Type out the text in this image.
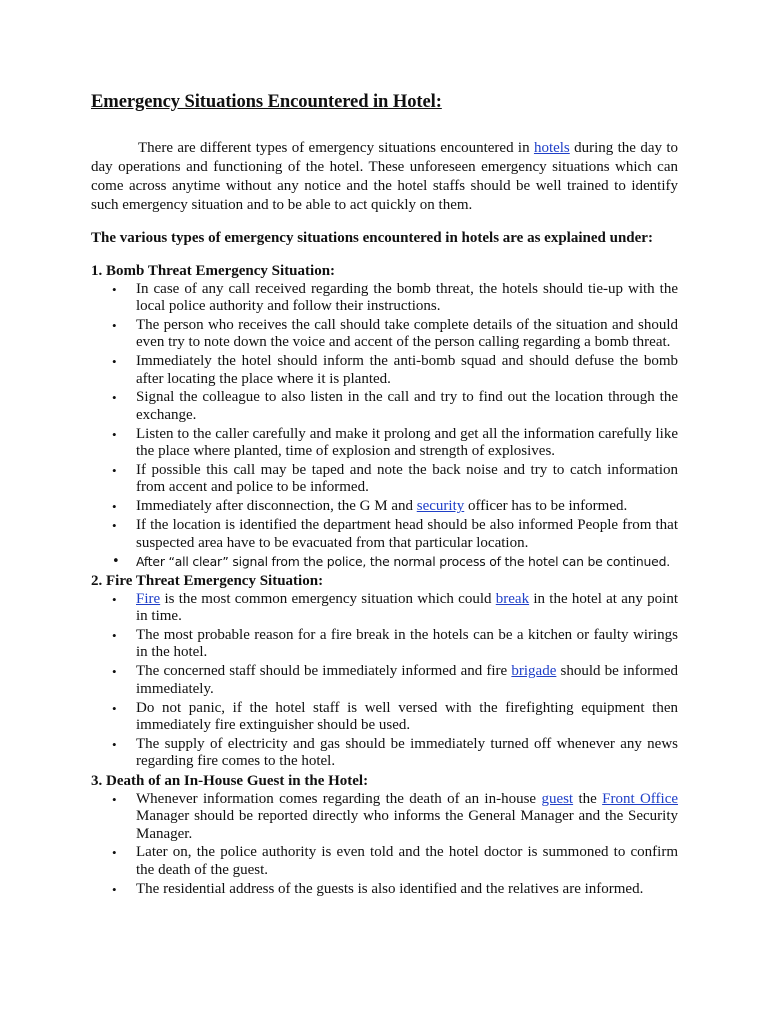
Emergency Situations Encountered in Hotel:

There are different types of emergency situations encountered in hotels during the day to day operations and functioning of the hotel. These unforeseen emergency situations which can come across anytime without any notice and the hotel staffs should be well trained to identify such emergency situation and to be able to act quickly on them.

The various types of emergency situations encountered in hotels are as explained under:

1. Bomb Threat Emergency Situation:
• In case of any call received regarding the bomb threat, the hotels should tie-up with the local police authority and follow their instructions.
• The person who receives the call should take complete details of the situation and should even try to note down the voice and accent of the person calling regarding a bomb threat.
• Immediately the hotel should inform the anti-bomb squad and should defuse the bomb after locating the place where it is planted.
• Signal the colleague to also listen in the call and try to find out the location through the exchange.
• Listen to the caller carefully and make it prolong and get all the information carefully like the place where planted, time of explosion and strength of explosives.
• If possible this call may be taped and note the back noise and try to catch information from accent and police to be informed.
• Immediately after disconnection, the G M and security officer has to be informed.
• If the location is identified the department head should be also informed People from that suspected area have to be evacuated from that particular location.
• After “all clear” signal from the police, the normal process of the hotel can be continued.
2. Fire Threat Emergency Situation:
• Fire is the most common emergency situation which could break in the hotel at any point in time.
• The most probable reason for a fire break in the hotels can be a kitchen or faulty wirings in the hotel.
• The concerned staff should be immediately informed and fire brigade should be informed immediately.
• Do not panic, if the hotel staff is well versed with the firefighting equipment then immediately fire extinguisher should be used.
• The supply of electricity and gas should be immediately turned off whenever any news regarding fire comes to the hotel.
3. Death of an In-House Guest in the Hotel:
• Whenever information comes regarding the death of an in-house guest the Front Office Manager should be reported directly who informs the General Manager and the Security Manager.
• Later on, the police authority is even told and the hotel doctor is summoned to confirm the death of the guest.
• The residential address of the guests is also identified and the relatives are informed.
